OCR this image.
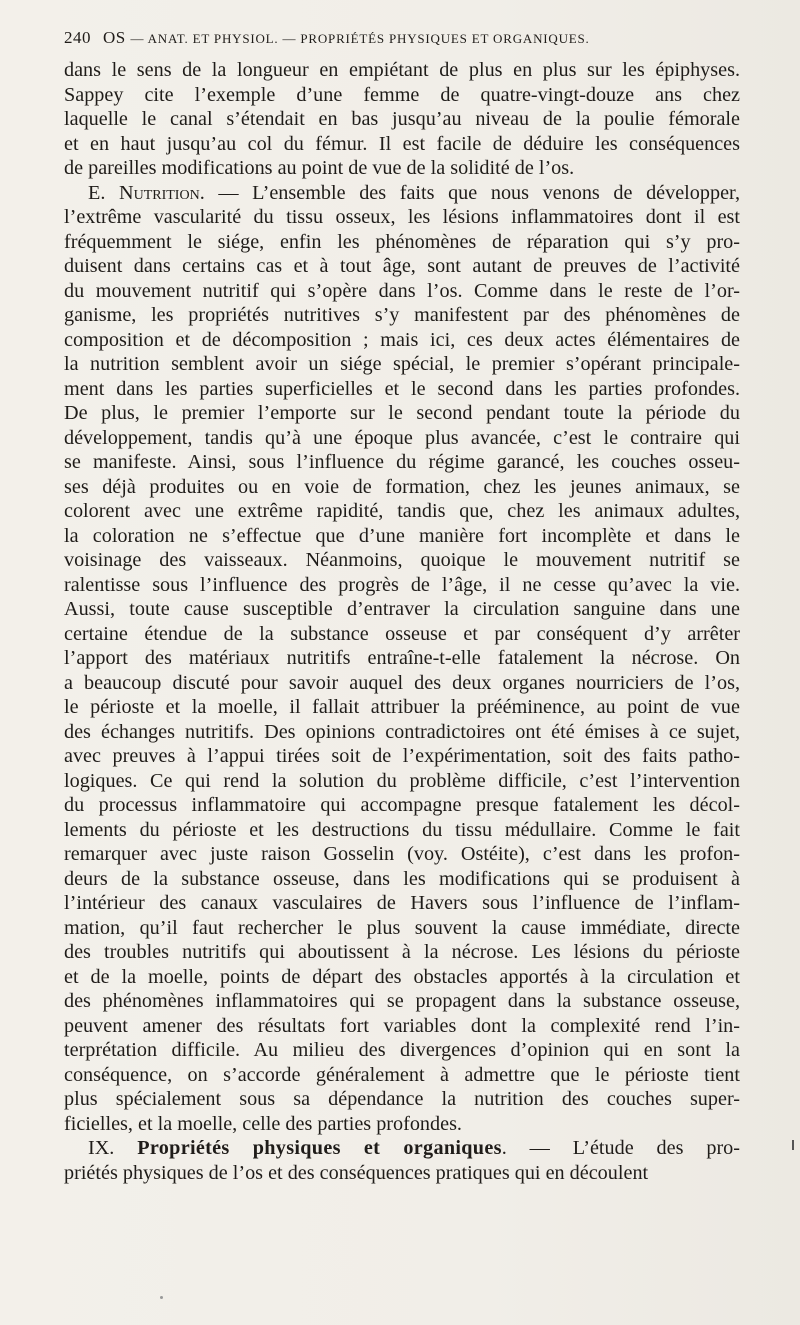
240 OS — ANAT. ET PHYSIOL. — PROPRIÉTÉS PHYSIQUES ET ORGANIQUES.
dans le sens de la longueur en empiétant de plus en plus sur les épiphyses.
Sappey cite l’exemple d’une femme de quatre-vingt-douze ans chez
laquelle le canal s’étendait en bas jusqu’au niveau de la poulie fémorale
et en haut jusqu’au col du fémur. Il est facile de déduire les conséquences
de pareilles modifications au point de vue de la solidité de l’os.
E. Nutrition. — L’ensemble des faits que nous venons de développer,
l’extrême vascularité du tissu osseux, les lésions inflammatoires dont il est
fréquemment le siége, enfin les phénomènes de réparation qui s’y pro-
duisent dans certains cas et à tout âge, sont autant de preuves de l’activité
du mouvement nutritif qui s’opère dans l’os. Comme dans le reste de l’or-
ganisme, les propriétés nutritives s’y manifestent par des phénomènes de
composition et de décomposition ; mais ici, ces deux actes élémentaires de
la nutrition semblent avoir un siége spécial, le premier s’opérant principale-
ment dans les parties superficielles et le second dans les parties profondes.
De plus, le premier l’emporte sur le second pendant toute la période du
développement, tandis qu’à une époque plus avancée, c’est le contraire qui
se manifeste. Ainsi, sous l’influence du régime garancé, les couches osseu-
ses déjà produites ou en voie de formation, chez les jeunes animaux, se
colorent avec une extrême rapidité, tandis que, chez les animaux adultes,
la coloration ne s’effectue que d’une manière fort incomplète et dans le
voisinage des vaisseaux. Néanmoins, quoique le mouvement nutritif se
ralentisse sous l’influence des progrès de l’âge, il ne cesse qu’avec la vie.
Aussi, toute cause susceptible d’entraver la circulation sanguine dans une
certaine étendue de la substance osseuse et par conséquent d’y arrêter
l’apport des matériaux nutritifs entraîne-t-elle fatalement la nécrose. On
a beaucoup discuté pour savoir auquel des deux organes nourriciers de l’os,
le périoste et la moelle, il fallait attribuer la prééminence, au point de vue
des échanges nutritifs. Des opinions contradictoires ont été émises à ce sujet,
avec preuves à l’appui tirées soit de l’expérimentation, soit des faits patho-
logiques. Ce qui rend la solution du problème difficile, c’est l’intervention
du processus inflammatoire qui accompagne presque fatalement les décol-
lements du périoste et les destructions du tissu médullaire. Comme le fait
remarquer avec juste raison Gosselin (voy. Ostéite), c’est dans les profon-
deurs de la substance osseuse, dans les modifications qui se produisent à
l’intérieur des canaux vasculaires de Havers sous l’influence de l’inflam-
mation, qu’il faut rechercher le plus souvent la cause immédiate, directe
des troubles nutritifs qui aboutissent à la nécrose. Les lésions du périoste
et de la moelle, points de départ des obstacles apportés à la circulation et
des phénomènes inflammatoires qui se propagent dans la substance osseuse,
peuvent amener des résultats fort variables dont la complexité rend l’in-
terprétation difficile. Au milieu des divergences d’opinion qui en sont la
conséquence, on s’accorde généralement à admettre que le périoste tient
plus spécialement sous sa dépendance la nutrition des couches super-
ficielles, et la moelle, celle des parties profondes.
IX. Propriétés physiques et organiques. — L’étude des pro-
priétés physiques de l’os et des conséquences pratiques qui en découlent
